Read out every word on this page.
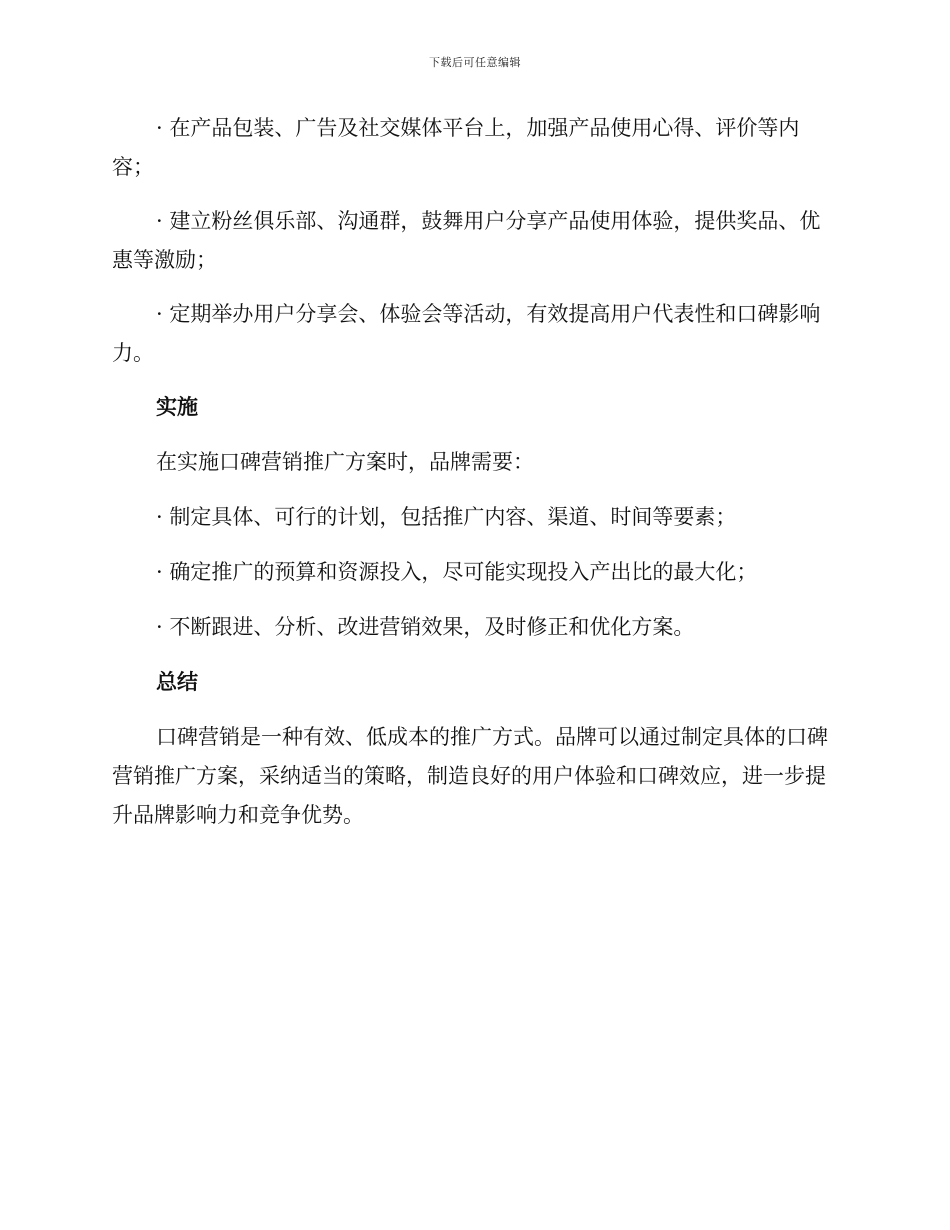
下载后可任意编辑

· 在产品包装、广告及社交媒体平台上，加强产品使用心得、评价等内容；

· 建立粉丝俱乐部、沟通群，鼓舞用户分享产品使用体验，提供奖品、优惠等激励；

· 定期举办用户分享会、体验会等活动，有效提高用户代表性和口碑影响力。

实施

在实施口碑营销推广方案时，品牌需要：

· 制定具体、可行的计划，包括推广内容、渠道、时间等要素；

· 确定推广的预算和资源投入，尽可能实现投入产出比的最大化；

· 不断跟进、分析、改进营销效果，及时修正和优化方案。

总结

口碑营销是一种有效、低成本的推广方式。品牌可以通过制定具体的口碑营销推广方案，采纳适当的策略，制造良好的用户体验和口碑效应，进一步提升品牌影响力和竞争优势。
